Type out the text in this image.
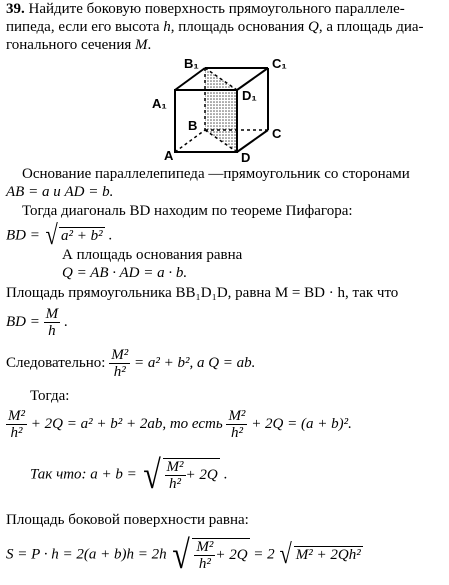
39. Найдите боковую поверхность прямоугольного параллеле-
пипеда, если его высота h, площадь основания Q, а площадь диа-
гонального сечения M.
B₁	C₁
D₁
A₁
B
C
A	D
Основание параллелепипеда —прямоугольник со сторонами
AB = a и AD = b.
Тогда диагональ BD находим по теореме Пифагора:
BD = √ a² + b² .
А площадь основания равна
Q = AB · AD = a · b.
Площадь прямоугольника BB₁D₁D, равна M = BD · h, так что
BD = $\frac{M}{h}$ .
Следовательно: $\frac{\text{M²}}{\text{h²}} = a^2 + b^2$, а Q = ab.
Тогда:
$\frac{\text{M²}}{\text{h²}} + 2Q = a^2 + b^2 + 2ab$, то есть $\frac{\text{M²}}{\text{h²}} + 2Q = (a + b)^2$.
Так что: a + b = √ $\frac{\text{M²}}{\text{h²}} + 2Q$ .
Площадь боковой поверхности равна:
S = P · h = 2(a + b)h = 2h √ $\frac{\text{M²}}{\text{h²}} + 2Q = 2$ √ M² + 2Qh²
